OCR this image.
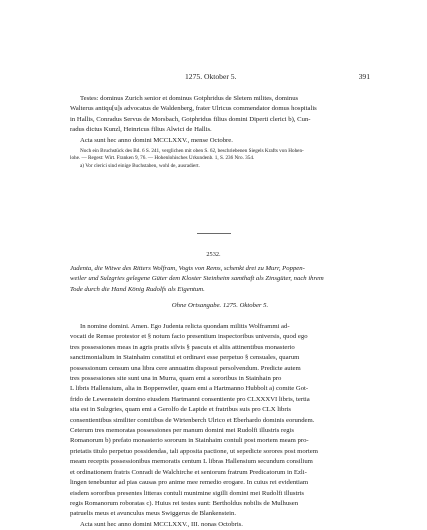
1275. Oktober 5.	391

Testes: dominus Zurich senior et dominus Gotphridus de Sletem milites, dominus

Walterus antiqu[u]s advocatus de Waldenberg, frater Ulricus commendator domus hospitalis

in Hallis, Conradus Servus de Morsbach, Gotphridus filius domini Diperti clerici b), Cun-

radus dictus Kunzl, Heinricus filius Alwici de Hallis.

Acta sunt hec anno domini MCCLXXV., mense Octobre.

Noch ein Bruchstück des Bd. 6 S. 241, verglichen mit oben S. 62, beschriebenen Siegels Krafts von Hohen-

lohe. — Regest: Wirt. Franken 9, 76. — Hohenlohisches Urkundenb. 1, S. 236 Nro. 354.

a) Vor clerici sind einige Buchstaben, wohl de, ausradiert.

2532.

Judenta, die Witwe des Ritters Wolfram, Vogts von Rems, schenkt drei zu Murr, Poppen-

weiler und Sulzgries gelegene Güter dem Kloster Steinheim samthaft als Zinsgüter, nach ihrem

Tode durch die Hand König Rudolfs als Eigentum.

Ohne Ortsangabe. 1275. Oktober 5.

In nomine domini. Amen. Ego Judenta relicta quondam militis Wolframmi ad-

vocati de Remse protestor et § notum facio presentium inspectoribus universis, quod ego

tres possessiones meas in agris pratis silvis § pascuis et aliis attinentibus monasterio

sanctimonialium in Stainhaim constitui et ordinavi esse perpetuo § censuales, quarum

possessionum censum una libra cere annuatim disposui persolvendum. Predicte autem

tres possessiones site sunt una in Murra, quam emi a sororibus in Stainhain pro

L libris Hallensium, alia in Boppenwiler, quam emi a Hartmanno Hubbolt a) comite Got-

frido de Lewenstein domino eiusdem Hartmanni consentiente pro CLXXXVI libris, tertia

sita est in Sulzgries, quam emi a Gerolfo de Lapide et fratribus suis pro CLX libris

consentientibus similiter comitibus de Wirtenberch Ulrico et Eberhardo dominis eorundem.

Ceterum tres memoratas possessiones per manum domini mei Rudolfi illustris regis

Romanorum b) prefato monasterio sororum in Stainhaim contuli post mortem meam pro-

prietatis titulo perpetuo possidendas, tali apposita pactione, ut sepedicte sorores post mortem

meam receptis possessionibus memoratis centum L libras Hallensium secundum consilium

et ordinationem fratris Conradi de Walchirche et seniorum fratrum Predicatorum in Ezli-

lingen tenebuntur ad pias causas pro anime mee remedio erogare. In cuius rei evidentiam

eisdem sororibus presentes litteras contuli munimine sigilli domini mei Rudolfi illustris

regis Romanorum roboratas c). Huius rei testes sunt: Bertholdus nobilis de Mulhusen

patruelis meus et avunculus meus Swiggerus de Blankenstein.

Acta sunt hec anno domini MCCLXXV., III. nonas Octobris.
